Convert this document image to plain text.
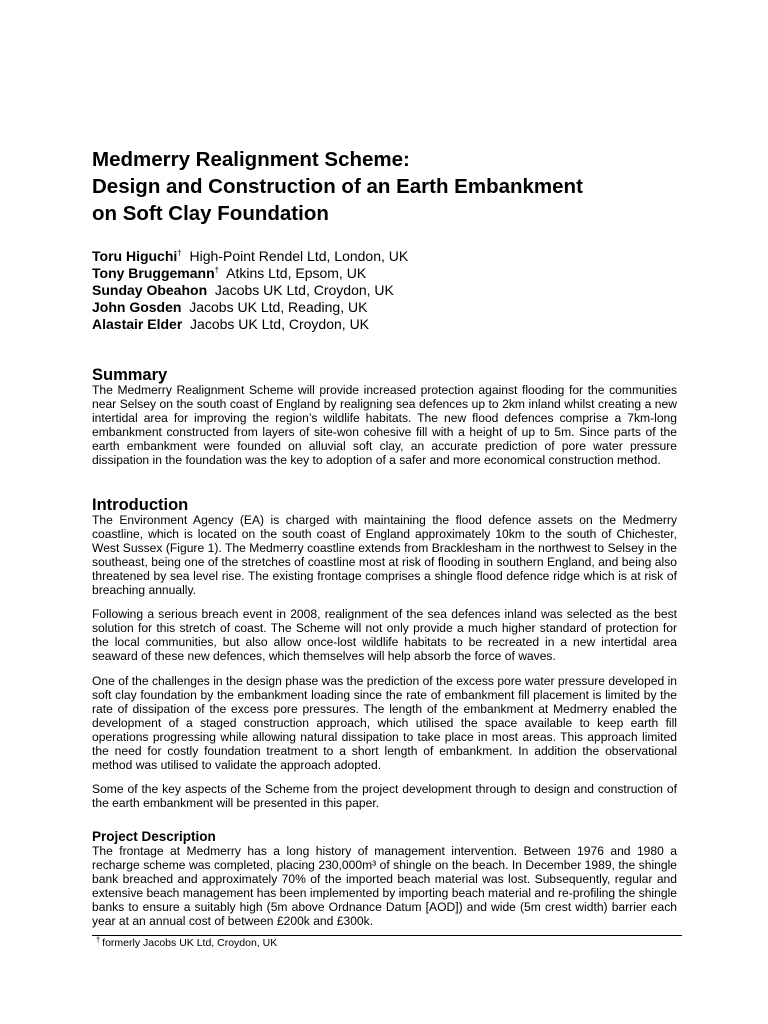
Medmerry Realignment Scheme:
Design and Construction of an Earth Embankment
on Soft Clay Foundation
Toru Higuchi† High-Point Rendel Ltd, London, UK
Tony Bruggemann† Atkins Ltd, Epsom, UK
Sunday Obeahon Jacobs UK Ltd, Croydon, UK
John Gosden Jacobs UK Ltd, Reading, UK
Alastair Elder Jacobs UK Ltd, Croydon, UK
Summary

The Medmerry Realignment Scheme will provide increased protection against flooding for the communities near Selsey on the south coast of England by realigning sea defences up to 2km inland whilst creating a new intertidal area for improving the region’s wildlife habitats. The new flood defences comprise a 7km-long embankment constructed from layers of site-won cohesive fill with a height of up to 5m. Since parts of the earth embankment were founded on alluvial soft clay, an accurate prediction of pore water pressure dissipation in the foundation was the key to adoption of a safer and more economical construction method.

Introduction

The Environment Agency (EA) is charged with maintaining the flood defence assets on the Medmerry coastline, which is located on the south coast of England approximately 10km to the south of Chichester, West Sussex (Figure 1). The Medmerry coastline extends from Bracklesham in the northwest to Selsey in the southeast, being one of the stretches of coastline most at risk of flooding in southern England, and being also threatened by sea level rise. The existing frontage comprises a shingle flood defence ridge which is at risk of breaching annually.

Following a serious breach event in 2008, realignment of the sea defences inland was selected as the best solution for this stretch of coast. The Scheme will not only provide a much higher standard of protection for the local communities, but also allow once-lost wildlife habitats to be recreated in a new intertidal area seaward of these new defences, which themselves will help absorb the force of waves.

One of the challenges in the design phase was the prediction of the excess pore water pressure developed in soft clay foundation by the embankment loading since the rate of embankment fill placement is limited by the rate of dissipation of the excess pore pressures. The length of the embankment at Medmerry enabled the development of a staged construction approach, which utilised the space available to keep earth fill operations progressing while allowing natural dissipation to take place in most areas. This approach limited the need for costly foundation treatment to a short length of embankment. In addition the observational method was utilised to validate the approach adopted.

Some of the key aspects of the Scheme from the project development through to design and construction of the earth embankment will be presented in this paper.

Project Description

The frontage at Medmerry has a long history of management intervention. Between 1976 and 1980 a recharge scheme was completed, placing 230,000m³ of shingle on the beach. In December 1989, the shingle bank breached and approximately 70% of the imported beach material was lost. Subsequently, regular and extensive beach management has been implemented by importing beach material and re-profiling the shingle banks to ensure a suitably high (5m above Ordnance Datum [AOD]) and wide (5m crest width) barrier each year at an annual cost of between £200k and £300k.

† formerly Jacobs UK Ltd, Croydon, UK
